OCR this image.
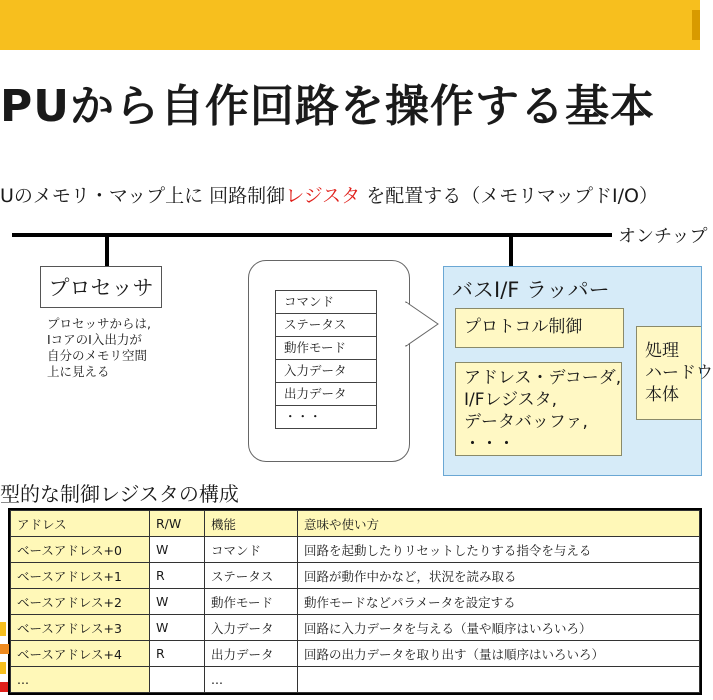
PUから自作回路を操作する基本
Uのメモリ・マップ上に 回路制御レジスタ を配置する（メモリマップドI/O）
オンチップ
プロセッサ
プロセッサからは,
IコアのI入出力が
自分のメモリ空間
上に見える
コマンド
ステータス
動作モード
入力データ
出力データ
・・・
バスI/F ラッパー
プロトコル制御
アドレス・デコーダ,
I/Fレジスタ,
データバッファ,
・・・
処理
ハードウ
本体
型的な制御レジスタの構成
アドレス	R/W	機能	意味や使い方
ベースアドレス+0	W	コマンド	回路を起動したりリセットしたりする指令を与える
ベースアドレス+1	R	ステータス	回路が動作中かなど，状況を読み取る
ベースアドレス+2	W	動作モード	動作モードなどパラメータを設定する
ベースアドレス+3	W	入力データ	回路に入力データを与える（量や順序はいろいろ）
ベースアドレス+4	R	出力データ	回路の出力データを取り出す（量は順序はいろいろ）
...		...	
